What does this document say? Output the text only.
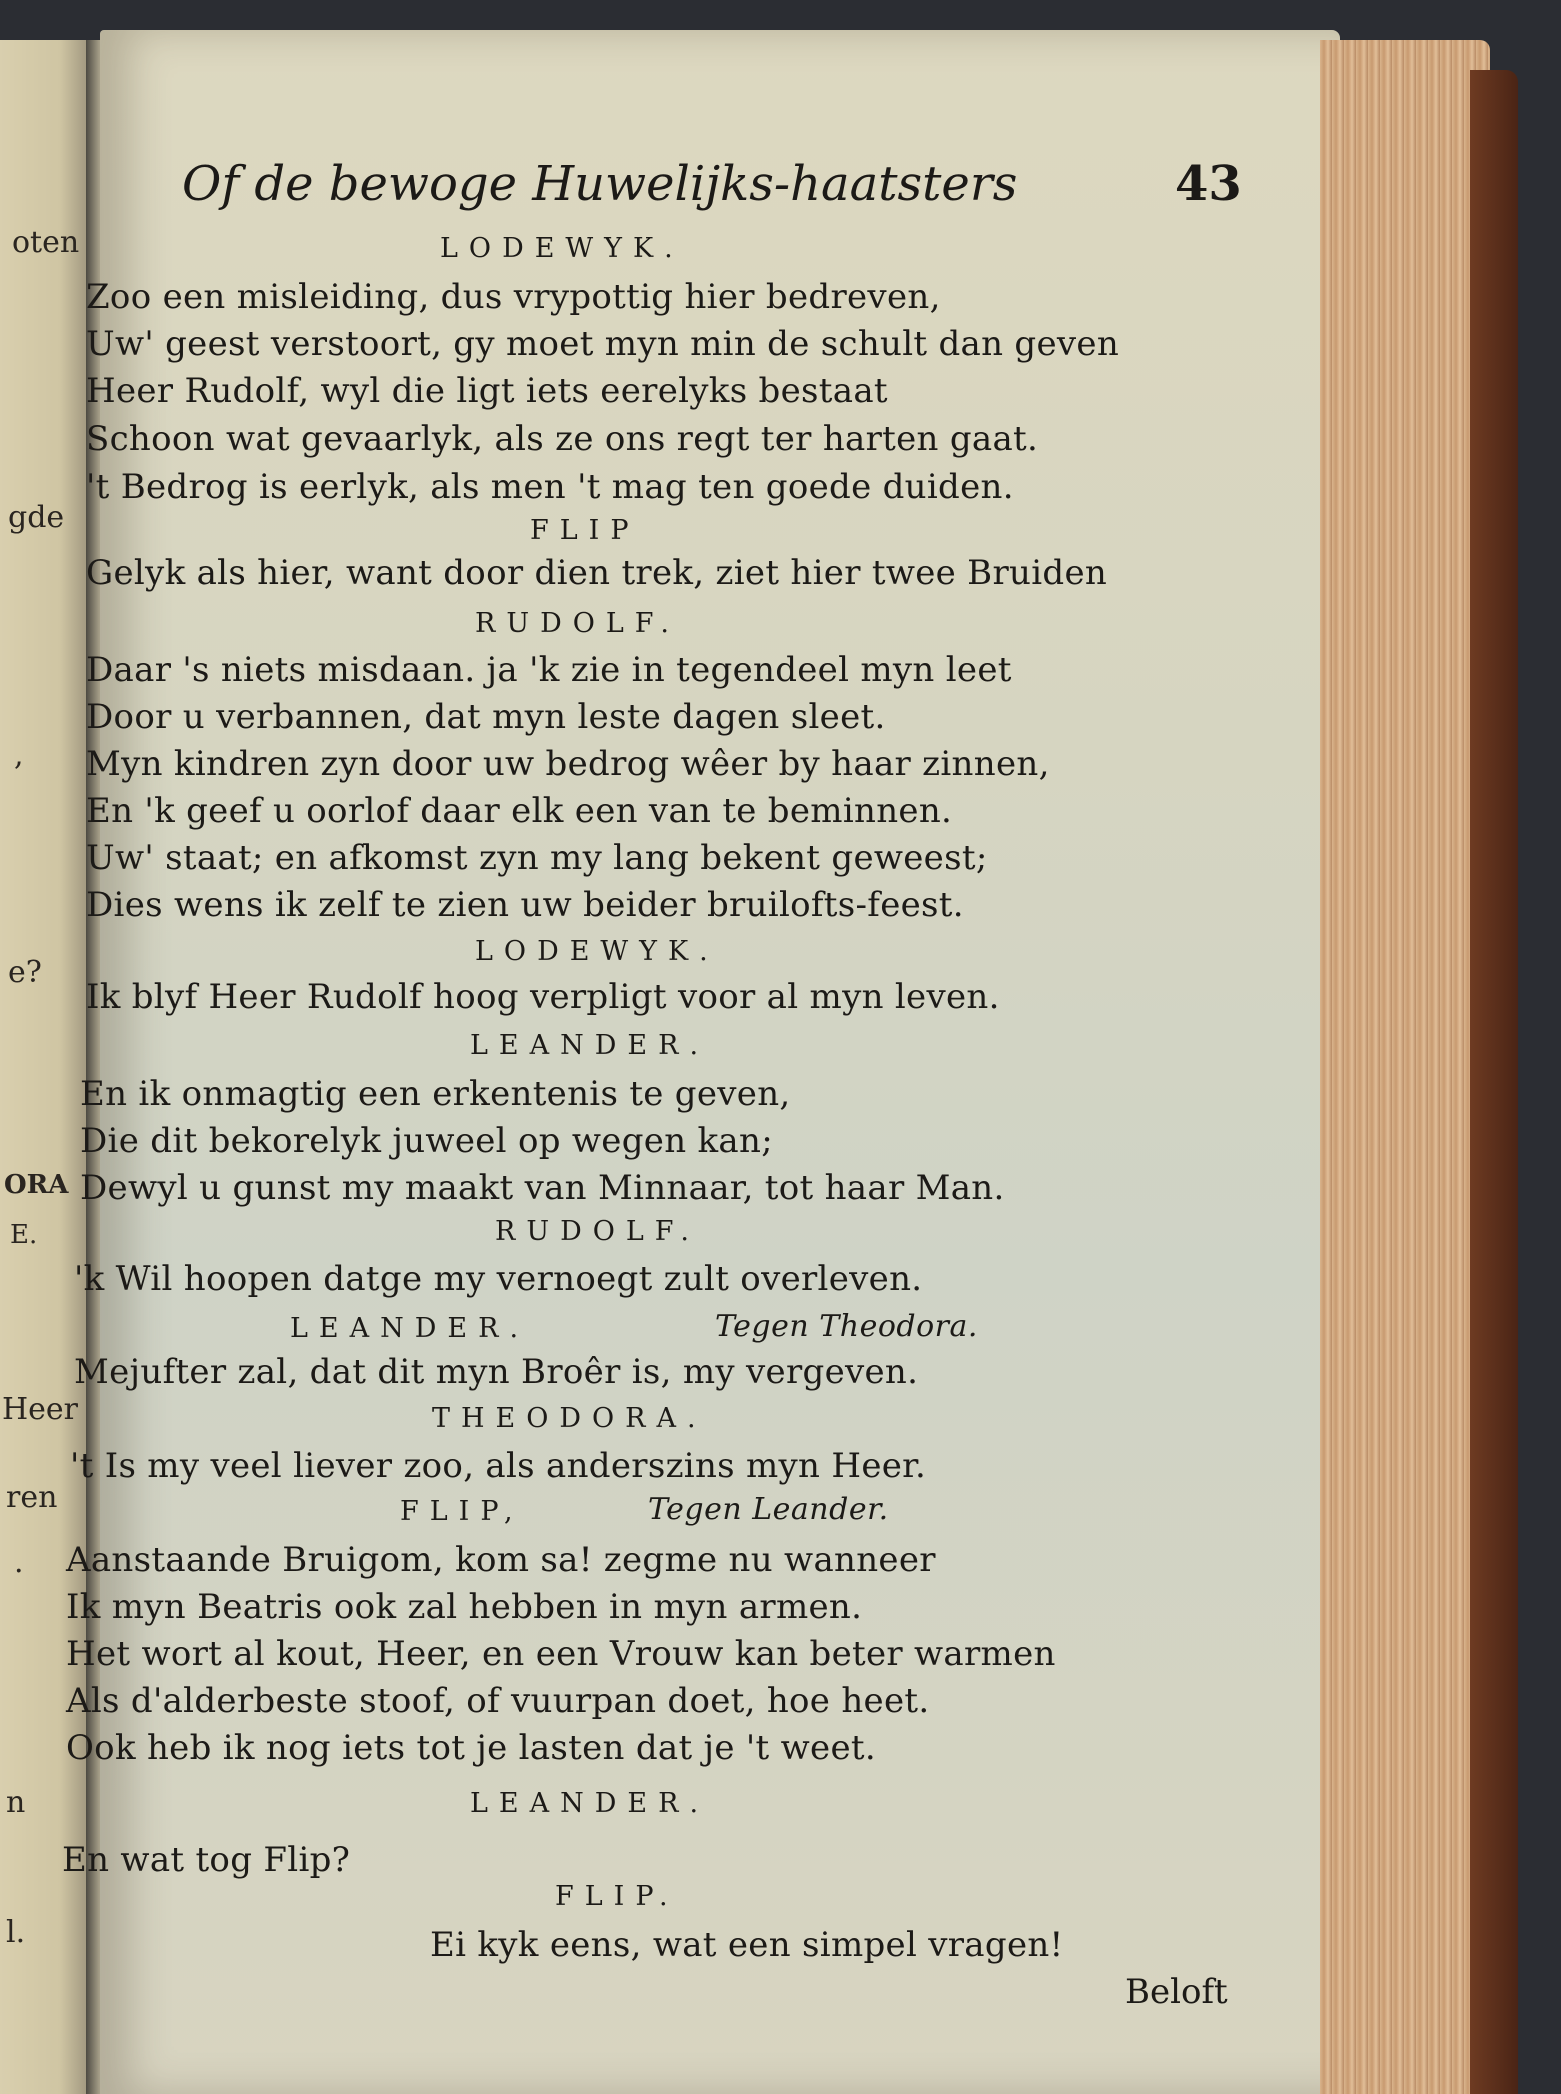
oten
gde
,
e?
ORA
E.
Heer
ren
.
n
l.
Of de bewoge Huwelijks-haatsters	43
LODEWYK.
FLIP
RUDOLF.
LODEWYK.
LEANDER.
RUDOLF.
LEANDER.	Tegen Theodora.
THEODORA.
FLIP,	Tegen Leander.
LEANDER.
FLIP.
Zoo een misleiding, dus vrypottig hier bedreven,
Uw' geest verstoort, gy moet myn min de schult dan geven
Heer Rudolf, wyl die ligt iets eerelyks bestaat
Schoon wat gevaarlyk, als ze ons regt ter harten gaat.
't Bedrog is eerlyk, als men 't mag ten goede duiden.
Gelyk als hier, want door dien trek, ziet hier twee Bruiden
Daar 's niets misdaan. ja 'k zie in tegendeel myn leet
Door u verbannen, dat myn leste dagen sleet.
Myn kindren zyn door uw bedrog wêer by haar zinnen,
En 'k geef u oorlof daar elk een van te beminnen.
Uw' staat; en afkomst zyn my lang bekent geweest;
Dies wens ik zelf te zien uw beider bruilofts-feest.
Ik blyf Heer Rudolf hoog verpligt voor al myn leven.
En ik onmagtig een erkentenis te geven,
Die dit bekorelyk juweel op wegen kan;
Dewyl u gunst my maakt van Minnaar, tot haar Man.
'k Wil hoopen datge my vernoegt zult overleven.
Mejufter zal, dat dit myn Broêr is, my vergeven.
't Is my veel liever zoo, als anderszins myn Heer.
Aanstaande Bruigom, kom sa! zegme nu wanneer
Ik myn Beatris ook zal hebben in myn armen.
Het wort al kout, Heer, en een Vrouw kan beter warmen
Als d'alderbeste stoof, of vuurpan doet, hoe heet.
Ook heb ik nog iets tot je lasten dat je 't weet.
En wat tog Flip?
Ei kyk eens, wat een simpel vragen!
Beloft
